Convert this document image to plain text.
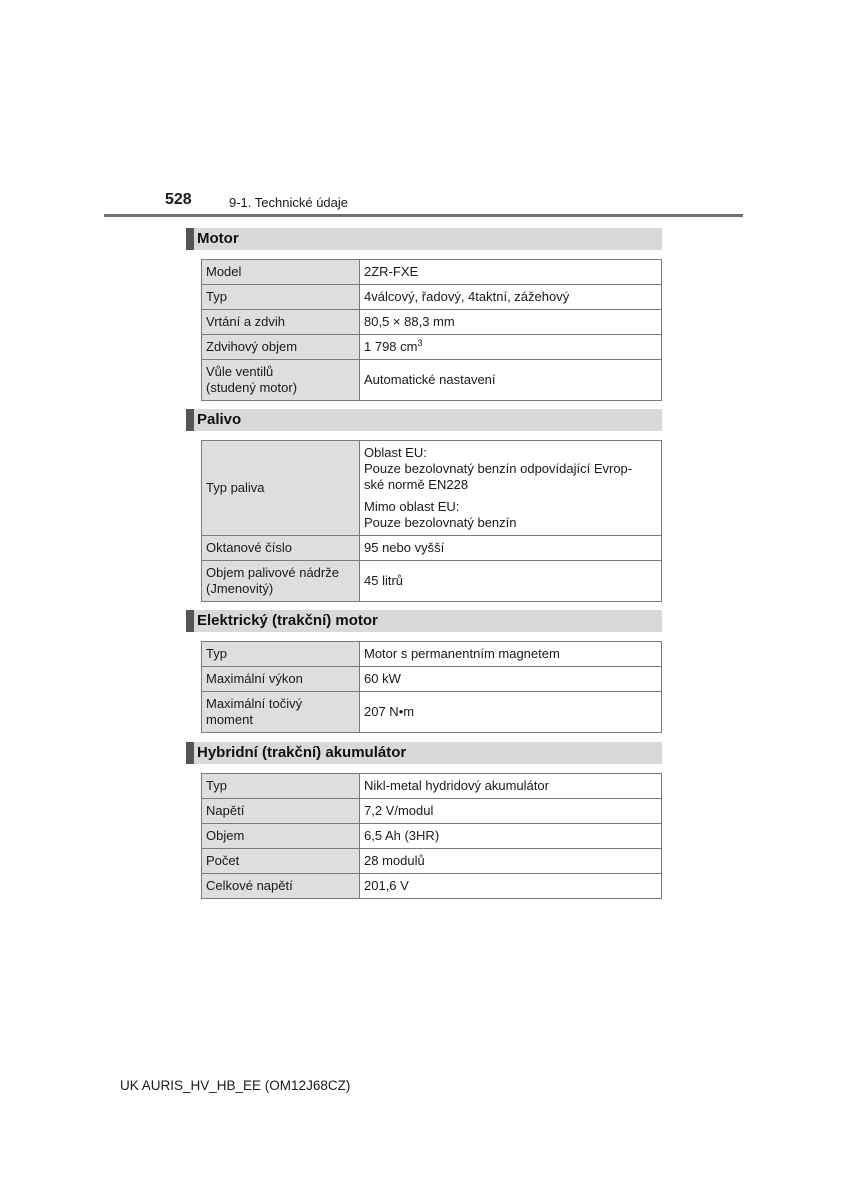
528	9-1. Technické údaje
Motor
Model	2ZR-FXE
Typ	4válcový, řadový, 4taktní, zážehový
Vrtání a zdvih	80,5 × 88,3 mm
Zdvihový objem	1 798 $cm^3$
Vůle ventilů
(studený motor)	Automatické nastavení
Palivo
Typ paliva	Oblast EU:
Pouze bezolovnatý benzín odpovídající Evrop-
ské normě EN228
Mimo oblast EU:
Pouze bezolovnatý benzín

Oktanové číslo	95 nebo vyšší
Objem palivové nádrže
(Jmenovitý)	45 litrů
Elektrický (trakční) motor
Typ	Motor s permanentním magnetem
Maximální výkon	60 kW
Maximální točivý
moment	207 N•m
Hybridní (trakční) akumulátor
Typ	Nikl-metal hydridový akumulátor
Napětí	7,2 V/modul
Objem	6,5 Ah (3HR)
Počet	28 modulů
Celkové napětí	201,6 V
UK AURIS_HV_HB_EE (OM12J68CZ)
